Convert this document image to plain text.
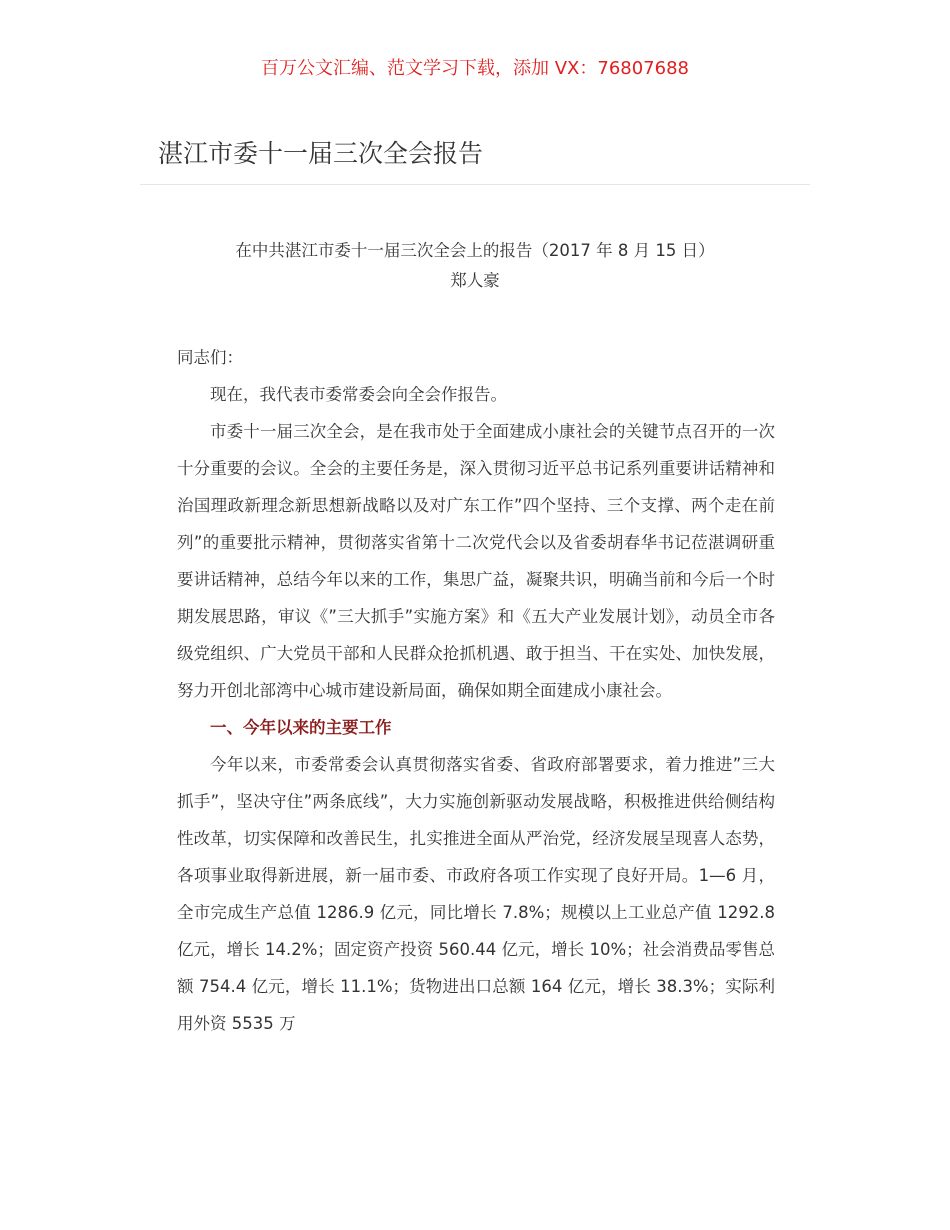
百万公文汇编、范文学习下载，添加 VX：76807688
湛江市委十一届三次全会报告
在中共湛江市委十一届三次全会上的报告（2017 年 8 月 15 日）
郑人豪

同志们：

现在，我代表市委常委会向全会作报告。

市委十一届三次全会，是在我市处于全面建成小康社会的关键节点召开的一次十分重要的会议。全会的主要任务是，深入贯彻习近平总书记系列重要讲话精神和治国理政新理念新思想新战略以及对广东工作”四个坚持、三个支撑、两个走在前列”的重要批示精神，贯彻落实省第十二次党代会以及省委胡春华书记莅湛调研重要讲话精神，总结今年以来的工作，集思广益，凝聚共识，明确当前和今后一个时期发展思路，审议《”三大抓手”实施方案》和《五大产业发展计划》，动员全市各级党组织、广大党员干部和人民群众抢抓机遇、敢于担当、干在实处、加快发展，努力开创北部湾中心城市建设新局面，确保如期全面建成小康社会。

一、今年以来的主要工作

今年以来，市委常委会认真贯彻落实省委、省政府部署要求，着力推进”三大抓手”，坚决守住”两条底线”，大力实施创新驱动发展战略，积极推进供给侧结构性改革，切实保障和改善民生，扎实推进全面从严治党，经济发展呈现喜人态势，各项事业取得新进展，新一届市委、市政府各项工作实现了良好开局。1—6 月，全市完成生产总值 1286.9 亿元，同比增长 7.8%；规模以上工业总产值 1292.8 亿元，增长 14.2%；固定资产投资 560.44 亿元，增长 10%；社会消费品零售总额 754.4 亿元，增长 11.1%；货物进出口总额 164 亿元，增长 38.3%；实际利用外资 5535 万
